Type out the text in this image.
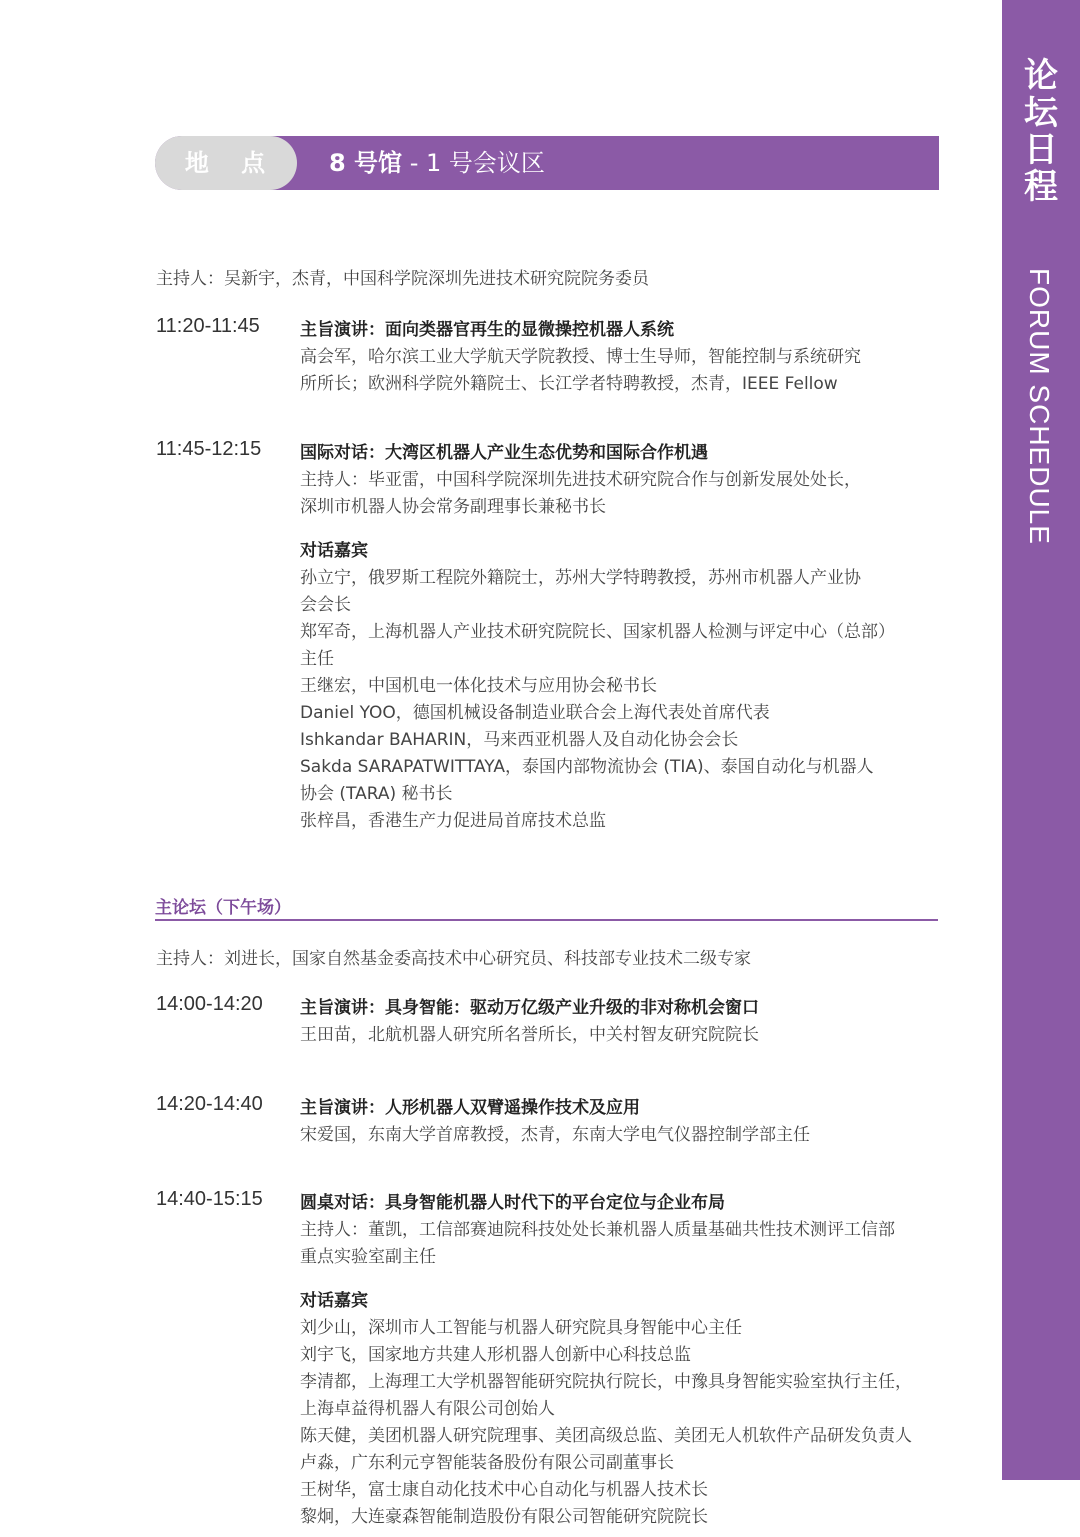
论
坛
日
程
FORUM SCHEDULE
地 点	8 号馆 - 1 号会议区
主持人：吴新宇，杰青，中国科学院深圳先进技术研究院院务委员
11:20-11:45 主旨演讲：面向类器官再生的显微操控机器人系统
高会军，哈尔滨工业大学航天学院教授、博士生导师，智能控制与系统研究
所所长；欧洲科学院外籍院士、长江学者特聘教授，杰青，IEEE Fellow
11:45-12:15 国际对话：大湾区机器人产业生态优势和国际合作机遇
主持人：毕亚雷，中国科学院深圳先进技术研究院合作与创新发展处处长，
深圳市机器人协会常务副理事长兼秘书长
对话嘉宾
孙立宁，俄罗斯工程院外籍院士，苏州大学特聘教授，苏州市机器人产业协
会会长
郑军奇，上海机器人产业技术研究院院长、国家机器人检测与评定中心（总部）
主任
王继宏，中国机电一体化技术与应用协会秘书长
Daniel YOO，德国机械设备制造业联合会上海代表处首席代表
Ishkandar BAHARIN，马来西亚机器人及自动化协会会长
Sakda SARAPATWITTAYA，泰国内部物流协会 (TIA)、泰国自动化与机器人
协会 (TARA) 秘书长
张梓昌，香港生产力促进局首席技术总监
主论坛（下午场）
主持人：刘进长，国家自然基金委高技术中心研究员、科技部专业技术二级专家
14:00-14:20 主旨演讲：具身智能：驱动万亿级产业升级的非对称机会窗口
王田苗，北航机器人研究所名誉所长，中关村智友研究院院长
14:20-14:40 主旨演讲：人形机器人双臂遥操作技术及应用
宋爱国，东南大学首席教授，杰青，东南大学电气仪器控制学部主任
14:40-15:15 圆桌对话：具身智能机器人时代下的平台定位与企业布局
主持人：董凯，工信部赛迪院科技处处长兼机器人质量基础共性技术测评工信部
重点实验室副主任
对话嘉宾
刘少山，深圳市人工智能与机器人研究院具身智能中心主任
刘宇飞，国家地方共建人形机器人创新中心科技总监
李清都，上海理工大学机器智能研究院执行院长，中豫具身智能实验室执行主任，
上海卓益得机器人有限公司创始人
陈天健，美团机器人研究院理事、美团高级总监、美团无人机软件产品研发负责人
卢淼，广东利元亨智能装备股份有限公司副董事长
王树华，富士康自动化技术中心自动化与机器人技术长
黎炯，大连豪森智能制造股份有限公司智能研究院院长
